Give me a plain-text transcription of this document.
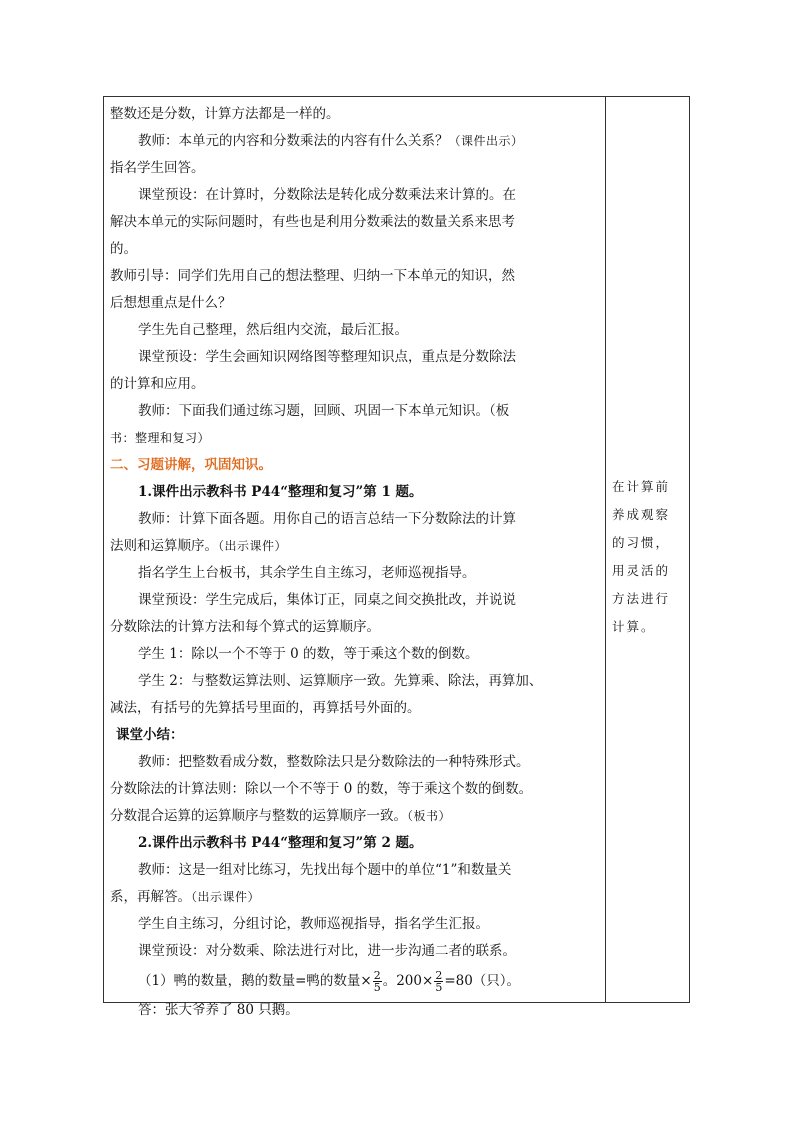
整数还是分数，计算方法都是一样的。
教师：本单元的内容和分数乘法的内容有什么关系？（课件出示）
指名学生回答。
课堂预设：在计算时，分数除法是转化成分数乘法来计算的。在
解决本单元的实际问题时，有些也是利用分数乘法的数量关系来思考
的。
教师引导：同学们先用自己的想法整理、归纳一下本单元的知识，然
后想想重点是什么？
学生先自己整理，然后组内交流，最后汇报。
课堂预设：学生会画知识网络图等整理知识点，重点是分数除法
的计算和应用。
教师：下面我们通过练习题，回顾、巩固一下本单元知识。（板
书：整理和复习）
二、习题讲解，巩固知识。
1.课件出示教科书 P44“整理和复习”第 1 题。
教师：计算下面各题。用你自己的语言总结一下分数除法的计算
法则和运算顺序。（出示课件）
指名学生上台板书，其余学生自主练习，老师巡视指导。
课堂预设：学生完成后，集体订正，同桌之间交换批改，并说说
分数除法的计算方法和每个算式的运算顺序。
学生 1：除以一个不等于 0 的数，等于乘这个数的倒数。
学生 2：与整数运算法则、运算顺序一致。先算乘、除法，再算加、
减法，有括号的先算括号里面的，再算括号外面的。
课堂小结：
教师：把整数看成分数，整数除法只是分数除法的一种特殊形式。
分数除法的计算法则：除以一个不等于 0 的数，等于乘这个数的倒数。
分数混合运算的运算顺序与整数的运算顺序一致。（板书）
2.课件出示教科书 P44“整理和复习”第 2 题。
教师：这是一组对比练习，先找出每个题中的单位“1”和数量关
系，再解答。（出示课件）
学生自主练习，分组讨论，教师巡视指导，指名学生汇报。
课堂预设：对分数乘、除法进行对比，进一步沟通二者的联系。
（1）鸭的数量，鹅的数量=鸭的数量× $\frac{2}{5}$ 。$200\times \frac{2}{5} =80$（只）。
答：张大爷养了 80 只鹅。
在计算前
养成观察
的习惯，
用灵活的
方法进行
计算。
